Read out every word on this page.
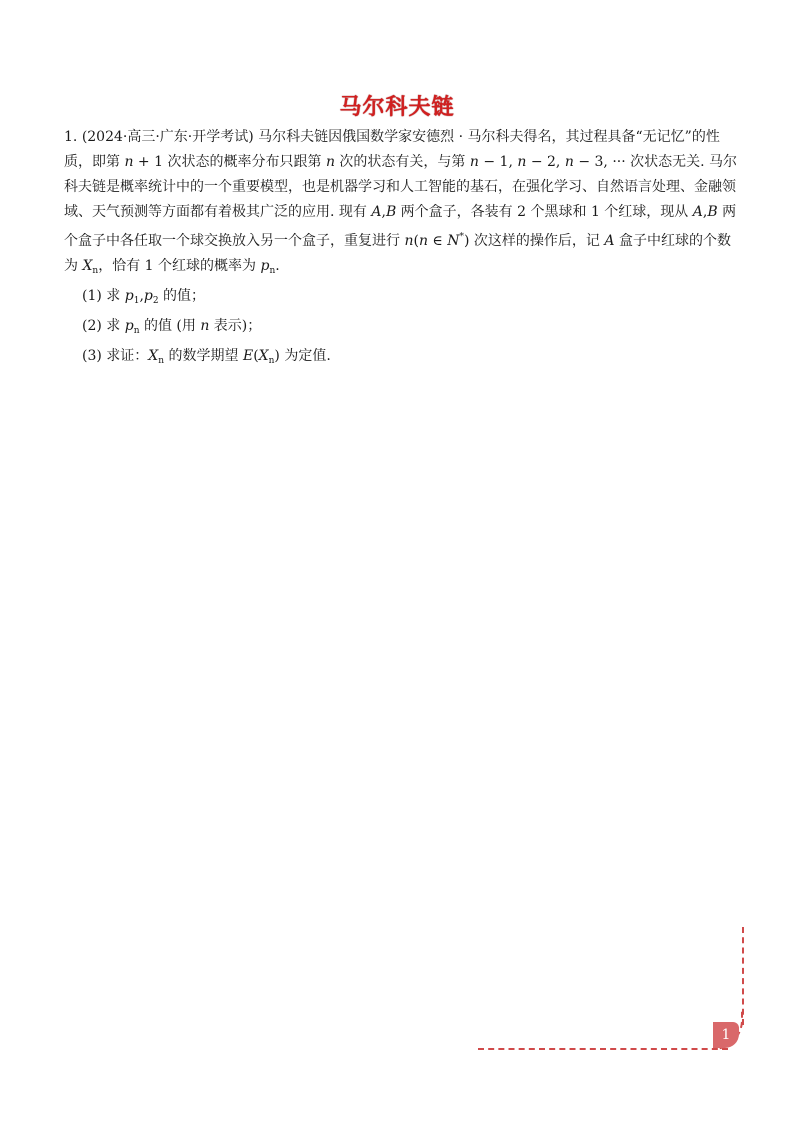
马尔科夫链
1. (2024·高三·广东·开学考试) 马尔科夫链因俄国数学家安德烈 · 马尔科夫得名，其过程具备“无记忆”的性质，即第 n + 1 次状态的概率分布只跟第 n 次的状态有关，与第 n − 1, n − 2, n − 3, ··· 次状态无关. 马尔科夫链是概率统计中的一个重要模型，也是机器学习和人工智能的基石，在强化学习、自然语言处理、金融领域、天气预测等方面都有着极其广泛的应用. 现有 A,B 两个盒子，各装有 2 个黑球和 1 个红球，现从 A,B 两个盒子中各任取一个球交换放入另一个盒子，重复进行 n(n ∈ N*) 次这样的操作后，记 A 盒子中红球的个数为 $X_n$，恰有 1 个红球的概率为 $p_n$.
(1) 求 $p_1,p_2$ 的值；
(2) 求 $p_n$ 的值 (用 n 表示)；
(3) 求证：$X_n$ 的数学期望 $E(X_n)$ 为定值.
1
